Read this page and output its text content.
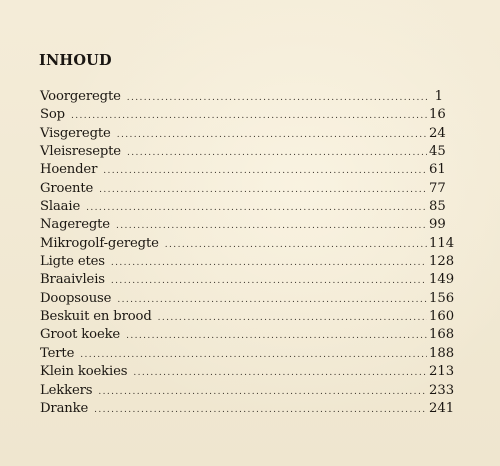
INHOUD
Voorgeregte .....	1
Sop .....	16
Visgeregte .....	24
Vleisresepte .....	45
Hoender .....	61
Groente .....	77
Slaaie .....	85
Nageregte .....	99
Mikrogolf-geregte .....	114
Ligte etes .....	128
Braaivleis .....	149
Doopsouse .....	156
Beskuit en brood .....	160
Groot koeke .....	168
Terte .....	188
Klein koekies .....	213
Lekkers .....	233
Dranke .....	241
